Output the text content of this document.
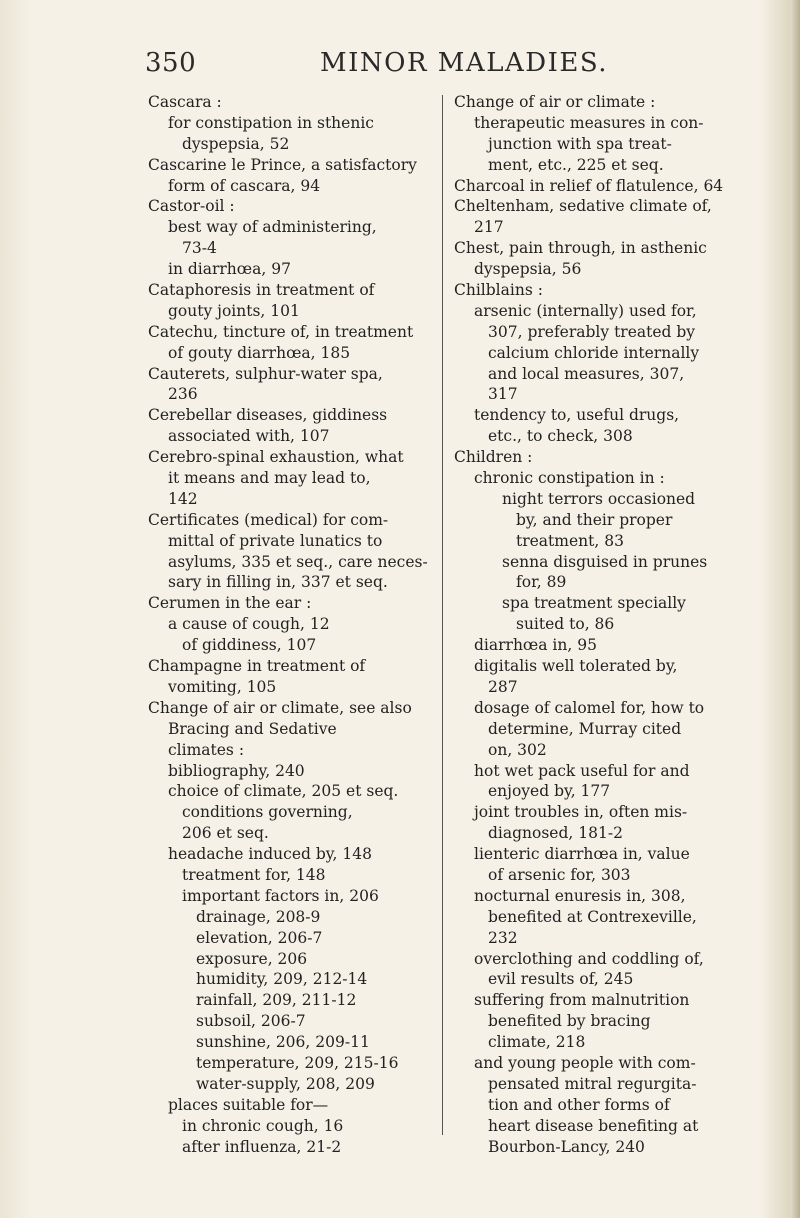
350	MINOR MALADIES.
Cascara :
for constipation in sthenic
dyspepsia, 52
Cascarine le Prince, a satisfactory
form of cascara, 94
Castor-oil :
best way of administering,
73-4
in diarrhœa, 97
Cataphoresis in treatment of
gouty joints, 101
Catechu, tincture of, in treatment
of gouty diarrhœa, 185
Cauterets, sulphur-water spa,
236
Cerebellar diseases, giddiness
associated with, 107
Cerebro-spinal exhaustion, what
it means and may lead to,
142
Certificates (medical) for com-
mittal of private lunatics to
asylums, 335 et seq., care neces-
sary in filling in, 337 et seq.
Cerumen in the ear :
a cause of cough, 12
of giddiness, 107
Champagne in treatment of
vomiting, 105
Change of air or climate, see also
Bracing and Sedative
climates :
bibliography, 240
choice of climate, 205 et seq.
conditions governing,
206 et seq.
headache induced by, 148
treatment for, 148
important factors in, 206
drainage, 208-9
elevation, 206-7
exposure, 206
humidity, 209, 212-14
rainfall, 209, 211-12
subsoil, 206-7
sunshine, 206, 209-11
temperature, 209, 215-16
water-supply, 208, 209
places suitable for—
in chronic cough, 16
after influenza, 21-2
Change of air or climate :
therapeutic measures in con-
junction with spa treat-
ment, etc., 225 et seq.
Charcoal in relief of flatulence, 64
Cheltenham, sedative climate of,
217
Chest, pain through, in asthenic
dyspepsia, 56
Chilblains :
arsenic (internally) used for,
307, preferably treated by
calcium chloride internally
and local measures, 307,
317
tendency to, useful drugs,
etc., to check, 308
Children :
chronic constipation in :
night terrors occasioned
by, and their proper
treatment, 83
senna disguised in prunes
for, 89
spa treatment specially
suited to, 86
diarrhœa in, 95
digitalis well tolerated by,
287
dosage of calomel for, how to
determine, Murray cited
on, 302
hot wet pack useful for and
enjoyed by, 177
joint troubles in, often mis-
diagnosed, 181-2
lienteric diarrhœa in, value
of arsenic for, 303
nocturnal enuresis in, 308,
benefited at Contrexeville,
232
overclothing and coddling of,
evil results of, 245
suffering from malnutrition
benefited by bracing
climate, 218
and young people with com-
pensated mitral regurgita-
tion and other forms of
heart disease benefiting at
Bourbon-Lancy, 240
